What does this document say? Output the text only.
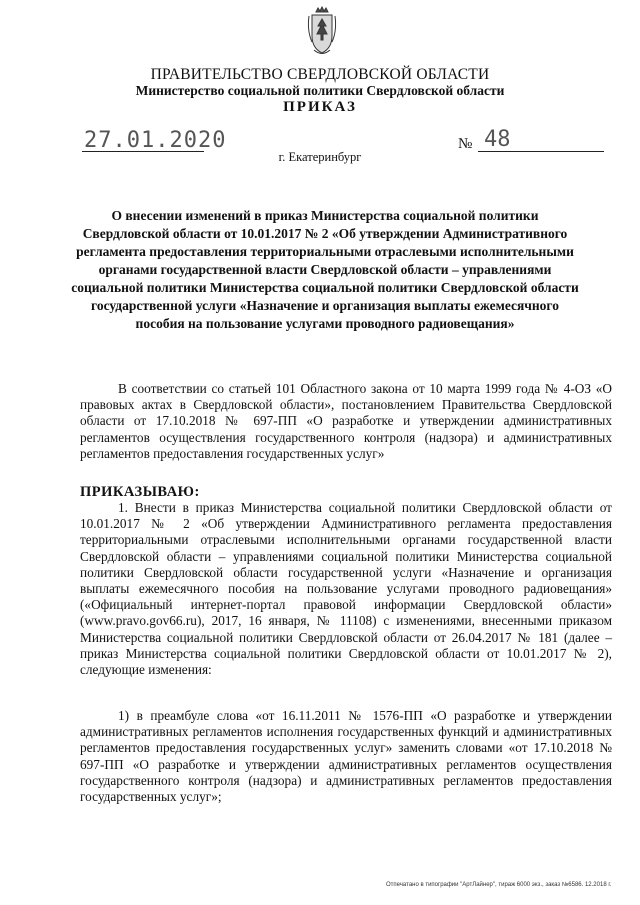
ПРАВИТЕЛЬСТВО СВЕРДЛОВСКОЙ ОБЛАСТИ
Министерство социальной политики Свердловской области
ПРИКАЗ
27.01.2020	№ 48
г. Екатеринбург
О внесении изменений в приказ Министерства социальной политики Свердловской области от 10.01.2017 № 2 «Об утверждении Административного регламента предоставления территориальными отраслевыми исполнительными органами государственной власти Свердловской области – управлениями социальной политики Министерства социальной политики Свердловской области государственной услуги «Назначение и организация выплаты ежемесячного пособия на пользование услугами проводного радиовещания»
В соответствии со статьей 101 Областного закона от 10 марта 1999 года № 4-ОЗ «О правовых актах в Свердловской области», постановлением Правительства Свердловской области от 17.10.2018 № 697-ПП «О разработке и утверждении административных регламентов осуществления государственного контроля (надзора) и административных регламентов предоставления государственных услуг»
ПРИКАЗЫВАЮ:
1. Внести в приказ Министерства социальной политики Свердловской области от 10.01.2017 № 2 «Об утверждении Административного регламента предоставления территориальными отраслевыми исполнительными органами государственной власти Свердловской области – управлениями социальной политики Министерства социальной политики Свердловской области государственной услуги «Назначение и организация выплаты ежемесячного пособия на пользование услугами проводного радиовещания» («Официальный интернет-портал правовой информации Свердловской области» (www.pravo.gov66.ru), 2017, 16 января, № 11108) с изменениями, внесенными приказом Министерства социальной политики Свердловской области от 26.04.2017 № 181 (далее – приказ Министерства социальной политики Свердловской области от 10.01.2017 № 2), следующие изменения:
1) в преамбуле слова «от 16.11.2011 № 1576-ПП «О разработке и утверждении административных регламентов исполнения государственных функций и административных регламентов предоставления государственных услуг» заменить словами «от 17.10.2018 № 697-ПП «О разработке и утверждении административных регламентов осуществления государственного контроля (надзора) и административных регламентов предоставления государственных услуг»;
Отпечатано в типографии "АртЛайнер", тираж 6000 экз., заказ №6586. 12.2018 г.
